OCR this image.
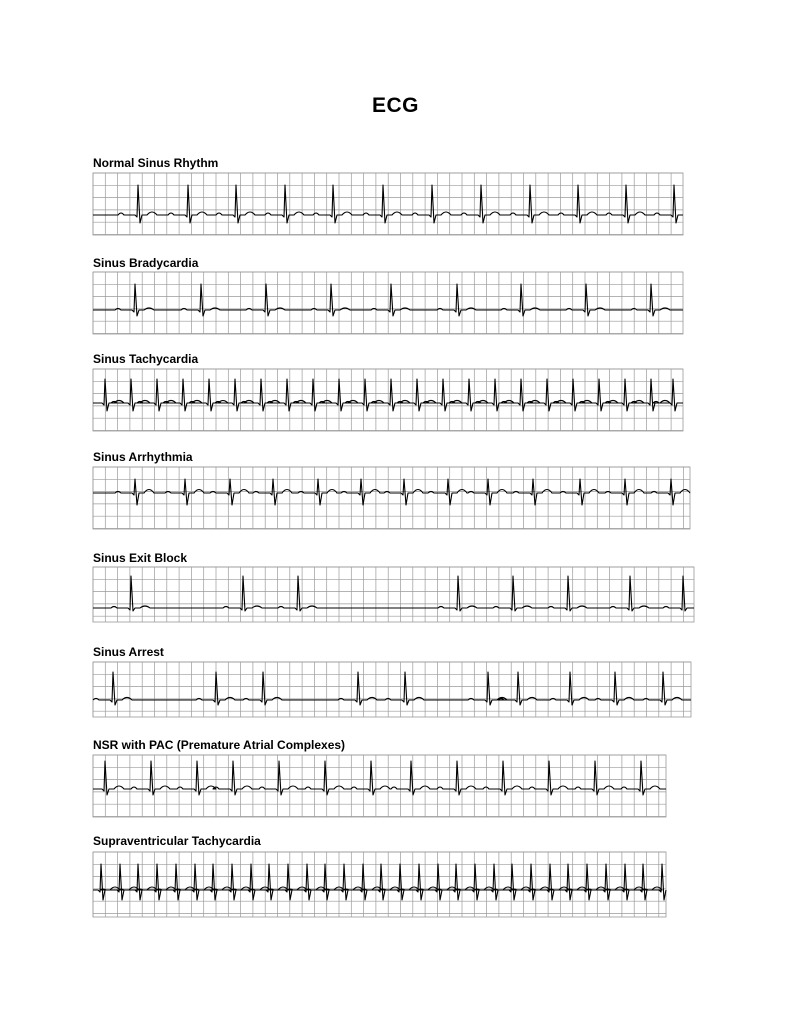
ECG
Normal Sinus Rhythm
Sinus Bradycardia
Sinus Tachycardia
Sinus Arrhythmia
Sinus Exit Block
Sinus Arrest
NSR with PAC (Premature Atrial Complexes)
Supraventricular Tachycardia
